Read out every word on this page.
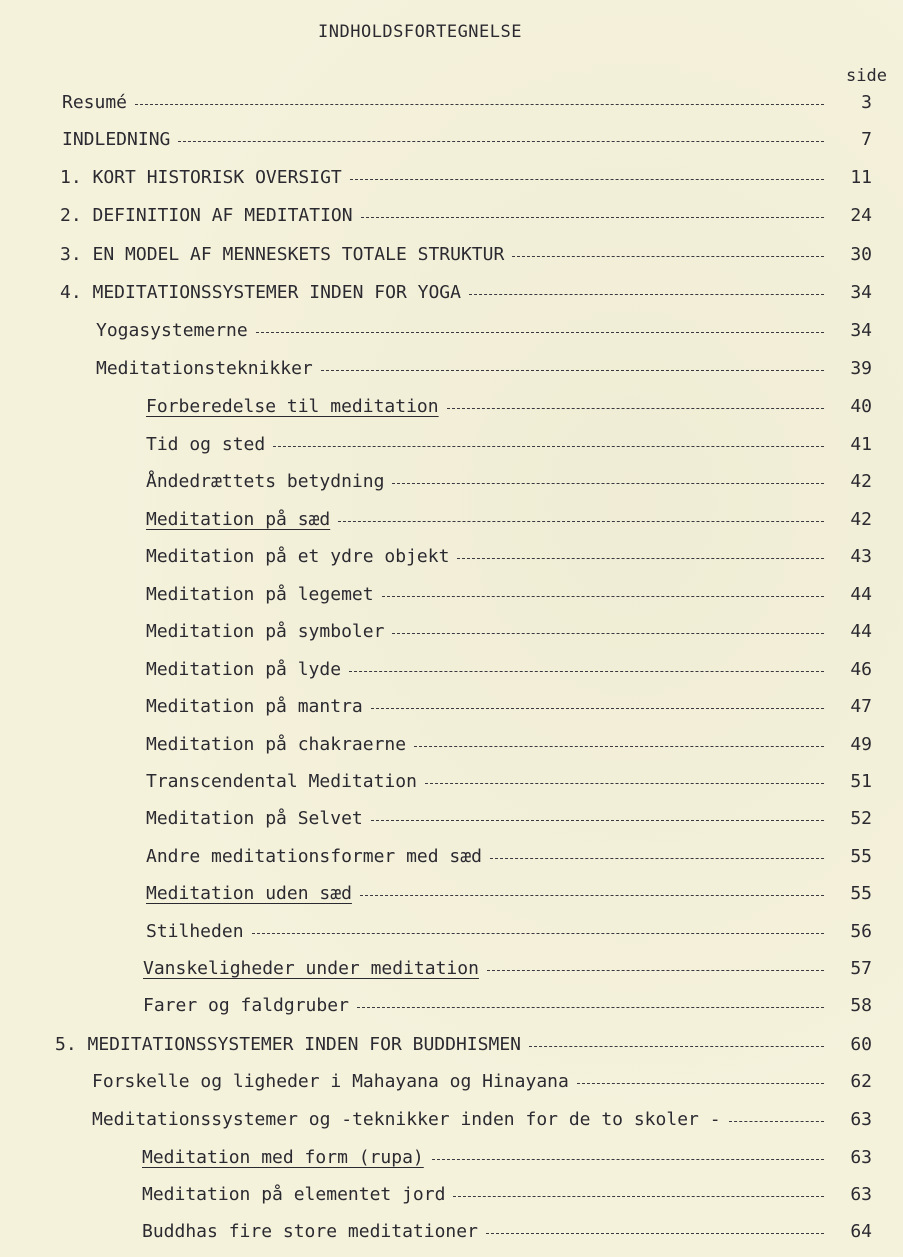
INDHOLDSFORTEGNELSE
side
Resumé	3
INDLEDNING	7
1. KORT HISTORISK OVERSIGT	11
2. DEFINITION AF MEDITATION	24
3. EN MODEL AF MENNESKETS TOTALE STRUKTUR	30
4. MEDITATIONSSYSTEMER INDEN FOR YOGA	34
Yogasystemerne	34
Meditationsteknikker	39
Forberedelse til meditation	40
Tid og sted	41
Åndedrættets betydning	42
Meditation på sæd	42
Meditation på et ydre objekt	43
Meditation på legemet	44
Meditation på symboler	44
Meditation på lyde	46
Meditation på mantra	47
Meditation på chakraerne	49
Transcendental Meditation	51
Meditation på Selvet	52
Andre meditationsformer med sæd	55
Meditation uden sæd	55
Stilheden	56
Vanskeligheder under meditation	57
Farer og faldgruber	58
5. MEDITATIONSSYSTEMER INDEN FOR BUDDHISMEN	60
Forskelle og ligheder i Mahayana og Hinayana	62
Meditationssystemer og -teknikker inden for de to skoler -	63
Meditation med form (rupa)	63
Meditation på elementet jord	63
Buddhas fire store meditationer	64
